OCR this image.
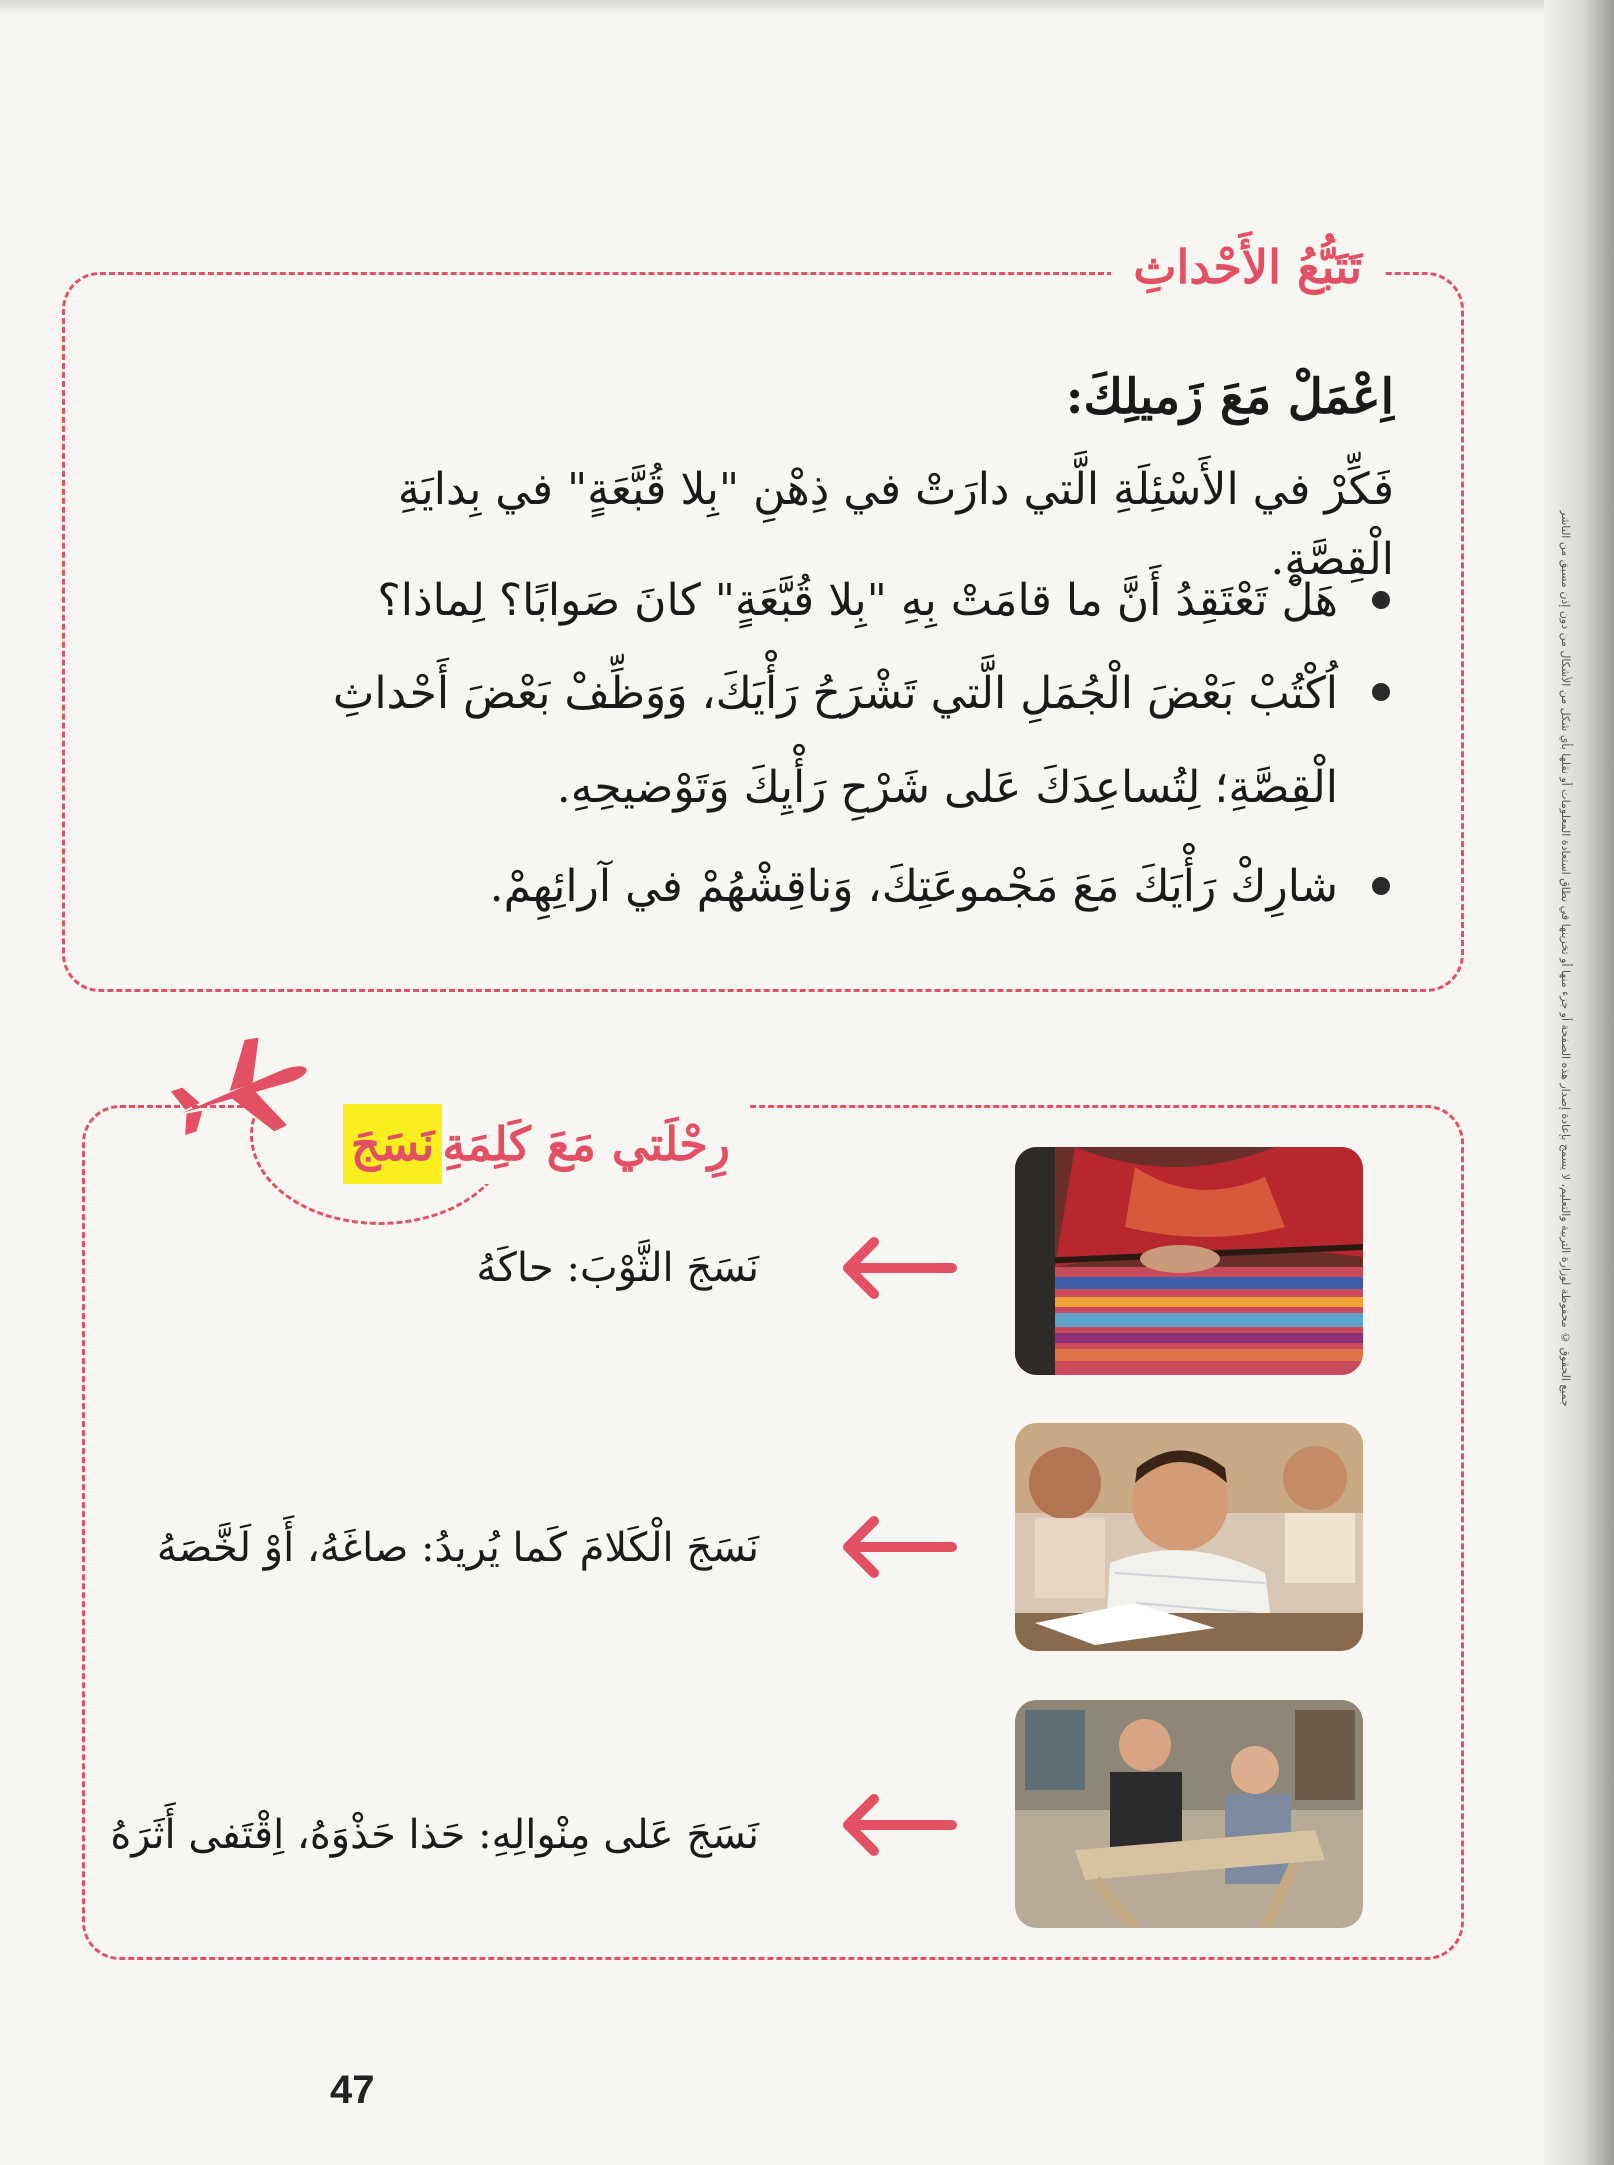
جميع الحقوق © محفوظة لوزارة التربية والتعليم، لا يسمح بإعادة إصدار هذه الصفحة أو جزء منها أو تخزينها في نطاق استعادة المعلومات أو نقلها بأي شكل من الأشكال من دون إذن مسبق من الناشر
تَتَبُّعُ الأَحْداثِ
اِعْمَلْ مَعَ زَميلِكَ:
فَكِّرْ في الأَسْئِلَةِ الَّتي دارَتْ في ذِهْنِ "بِلا قُبَّعَةٍ" في بِدايَةِ الْقِصَّةِ.
هَلْ تَعْتَقِدُ أَنَّ ما قامَتْ بِهِ "بِلا قُبَّعَةٍ" كانَ صَوابًا؟ لِماذا؟
اُكْتُبْ بَعْضَ الْجُمَلِ الَّتي تَشْرَحُ رَأْيَكَ، وَوَظِّفْ بَعْضَ أَحْداثِ الْقِصَّةِ؛ لِتُساعِدَكَ عَلى شَرْحِ رَأْيِكَ وَتَوْضيحِهِ.
شارِكْ رَأْيَكَ مَعَ مَجْموعَتِكَ، وَناقِشْهُمْ في آرائِهِمْ.
رِحْلَتي مَعَ كَلِمَةِ
نَسَجَ
نَسَجَ الثَّوْبَ: حاكَهُ
نَسَجَ الْكَلامَ كَما يُريدُ: صاغَهُ، أَوْ لَخَّصَهُ
نَسَجَ عَلى مِنْوالِهِ: حَذا حَذْوَهُ، اِقْتَفى أَثَرَهُ
47
